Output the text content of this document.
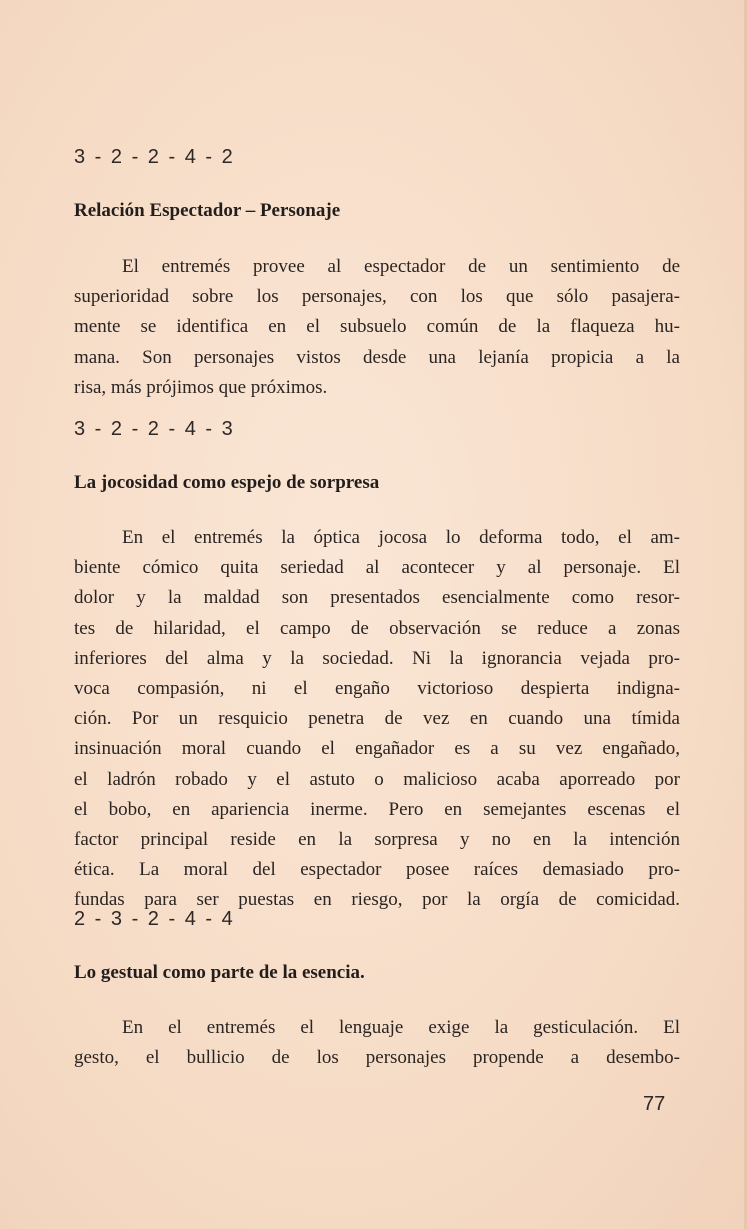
3 - 2 - 2 - 4 - 2
Relación Espectador – Personaje
El entremés provee al espectador de un sentimiento de
superioridad sobre los personajes, con los que sólo pasajera-
mente se identifica en el subsuelo común de la flaqueza hu-
mana. Son personajes vistos desde una lejanía propicia a la
risa, más prójimos que próximos.
3 - 2 - 2 - 4 - 3
La jocosidad como espejo de sorpresa
En el entremés la óptica jocosa lo deforma todo, el am-
biente cómico quita seriedad al acontecer y al personaje. El
dolor y la maldad son presentados esencialmente como resor-
tes de hilaridad, el campo de observación se reduce a zonas
inferiores del alma y la sociedad. Ni la ignorancia vejada pro-
voca compasión, ni el engaño victorioso despierta indigna-
ción. Por un resquicio penetra de vez en cuando una tímida
insinuación moral cuando el engañador es a su vez engañado,
el ladrón robado y el astuto o malicioso acaba aporreado por
el bobo, en apariencia inerme. Pero en semejantes escenas el
factor principal reside en la sorpresa y no en la intención
ética. La moral del espectador posee raíces demasiado pro-
fundas para ser puestas en riesgo, por la orgía de comicidad.
2 - 3 - 2 - 4 - 4
Lo gestual como parte de la esencia.
En el entremés el lenguaje exige la gesticulación. El
gesto, el bullicio de los personajes propende a desembo-
77
